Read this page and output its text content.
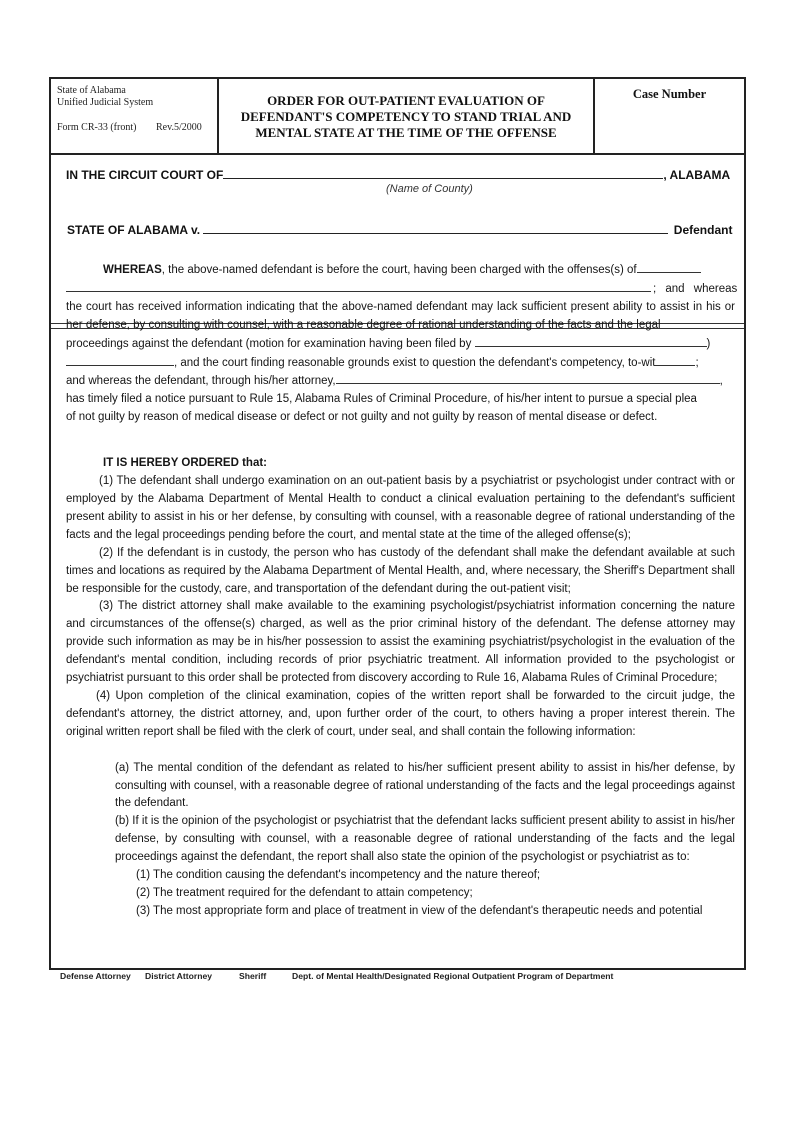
State of Alabama
Unified Judicial System
Form CR-33 (front) Rev.5/2000
ORDER FOR OUT-PATIENT EVALUATION OF
DEFENDANT'S COMPETENCY TO STAND TRIAL AND
MENTAL STATE AT THE TIME OF THE OFFENSE
Case Number
IN THE CIRCUIT COURT OF	, ALABAMA
(Name of County)
STATE OF ALABAMA v.	Defendant
WHEREAS, the above-named defendant is before the court, having been charged with the offenses(s) of
; and whereas

the court has received information indicating that the above-named defendant may lack sufficient present ability to assist in his or her defense, by consulting with counsel, with a reasonable degree of rational understanding of the facts and the legal

proceedings against the defendant (motion for examination having been filed by	)
, and the court finding reasonable grounds exist to question the defendant's competency, to-wit	;
and whereas the defendant, through his/her attorney,	,
has timely filed a notice pursuant to Rule 15, Alabama Rules of Criminal Procedure, of his/her intent to pursue a special plea
of not guilty by reason of medical disease or defect or not guilty and not guilty by reason of mental disease or defect.
IT IS HEREBY ORDERED that:

(1) The defendant shall undergo examination on an out-patient basis by a psychiatrist or psychologist under contract with or employed by the Alabama Department of Mental Health to conduct a clinical evaluation pertaining to the defendant's sufficient present ability to assist in his or her defense, by consulting with counsel, with a reasonable degree of rational understanding of the facts and the legal proceedings pending before the court, and mental state at the time of the alleged offense(s);

(2) If the defendant is in custody, the person who has custody of the defendant shall make the defendant available at such times and locations as required by the Alabama Department of Mental Health, and, where necessary, the Sheriff's Department shall be responsible for the custody, care, and transportation of the defendant during the out-patient visit;

(3) The district attorney shall make available to the examining psychologist/psychiatrist information concerning the nature and circumstances of the offense(s) charged, as well as the prior criminal history of the defendant. The defense attorney may provide such information as may be in his/her possession to assist the examining psychiatrist/psychologist in the evaluation of the defendant's mental condition, including records of prior psychiatric treatment. All information provided to the psychologist or psychiatrist pursuant to this order shall be protected from discovery according to Rule 16, Alabama Rules of Criminal Procedure;

(4) Upon completion of the clinical examination, copies of the written report shall be forwarded to the circuit judge, the defendant's attorney, the district attorney, and, upon further order of the court, to others having a proper interest therein. The original written report shall be filed with the clerk of court, under seal, and shall contain the following information:

(a) The mental condition of the defendant as related to his/her sufficient present ability to assist in his/her defense, by consulting with counsel, with a reasonable degree of rational understanding of the facts and the legal proceedings against the defendant.

(b) If it is the opinion of the psychologist or psychiatrist that the defendant lacks sufficient present ability to assist in his/her defense, by consulting with counsel, with a reasonable degree of rational understanding of the facts and the legal proceedings against the defendant, the report shall also state the opinion of the psychologist or psychiatrist as to:

(1) The condition causing the defendant's incompetency and the nature thereof;
(2) The treatment required for the defendant to attain competency;
(3) The most appropriate form and place of treatment in view of the defendant's therapeutic needs and potential
Defense Attorney District Attorney	Sheriff	Dept. of Mental Health/Designated Regional Outpatient Program of Department
